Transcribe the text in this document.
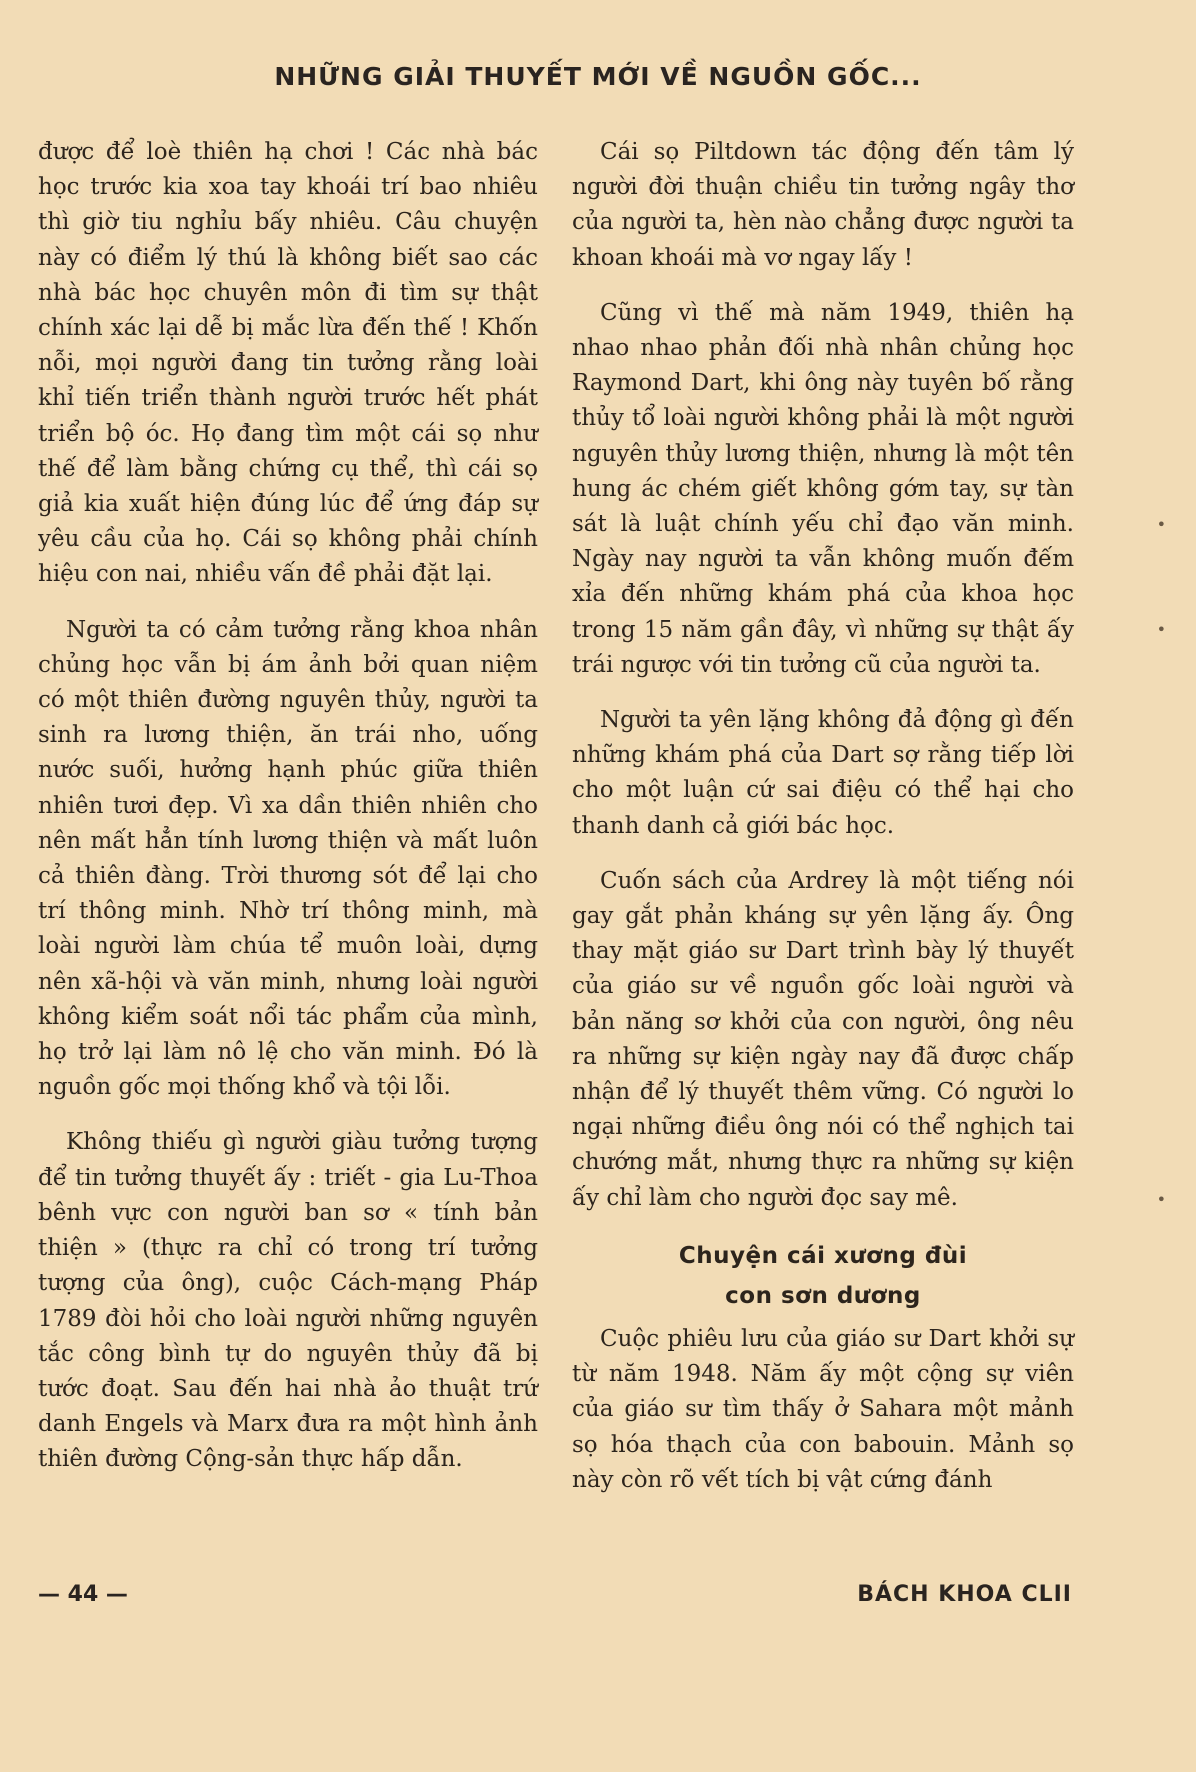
NHỮNG GIẢI THUYẾT MỚI VỀ NGUỒN GỐC...

được để loè thiên hạ chơi ! Các nhà bác học trước kia xoa tay khoái trí bao nhiêu thì giờ tiu nghỉu bấy nhiêu. Câu chuyện này có điểm lý thú là không biết sao các nhà bác học chuyên môn đi tìm sự thật chính xác lại dễ bị mắc lừa đến thế ! Khốn nỗi, mọi người đang tin tưởng rằng loài khỉ tiến triển thành người trước hết phát triển bộ óc. Họ đang tìm một cái sọ như thế để làm bằng chứng cụ thể, thì cái sọ giả kia xuất hiện đúng lúc để ứng đáp sự yêu cầu của họ. Cái sọ không phải chính hiệu con nai, nhiều vấn đề phải đặt lại.

Người ta có cảm tưởng rằng khoa nhân chủng học vẫn bị ám ảnh bởi quan niệm có một thiên đường nguyên thủy, người ta sinh ra lương thiện, ăn trái nho, uống nước suối, hưởng hạnh phúc giữa thiên nhiên tươi đẹp. Vì xa dần thiên nhiên cho nên mất hẳn tính lương thiện và mất luôn cả thiên đàng. Trời thương sót để lại cho trí thông minh. Nhờ trí thông minh, mà loài người làm chúa tể muôn loài, dựng nên xã-hội và văn minh, nhưng loài người không kiểm soát nổi tác phẩm của mình, họ trở lại làm nô lệ cho văn minh. Đó là nguồn gốc mọi thống khổ và tội lỗi.

Không thiếu gì người giàu tưởng tượng để tin tưởng thuyết ấy : triết - gia Lu-Thoa bênh vực con người ban sơ « tính bản thiện » (thực ra chỉ có trong trí tưởng tượng của ông), cuộc Cách-mạng Pháp 1789 đòi hỏi cho loài người những nguyên tắc công bình tự do nguyên thủy đã bị tước đoạt. Sau đến hai nhà ảo thuật trứ danh Engels và Marx đưa ra một hình ảnh thiên đường Cộng-sản thực hấp dẫn.

Cái sọ Piltdown tác động đến tâm lý người đời thuận chiều tin tưởng ngây thơ của người ta, hèn nào chẳng được người ta khoan khoái mà vơ ngay lấy !

Cũng vì thế mà năm 1949, thiên hạ nhao nhao phản đối nhà nhân chủng học Raymond Dart, khi ông này tuyên bố rằng thủy tổ loài người không phải là một người nguyên thủy lương thiện, nhưng là một tên hung ác chém giết không gớm tay, sự tàn sát là luật chính yếu chỉ đạo văn minh. Ngày nay người ta vẫn không muốn đếm xỉa đến những khám phá của khoa học trong 15 năm gần đây, vì những sự thật ấy trái ngược với tin tưởng cũ của người ta.

Người ta yên lặng không đả động gì đến những khám phá của Dart sợ rằng tiếp lời cho một luận cứ sai điệu có thể hại cho thanh danh cả giới bác học.

Cuốn sách của Ardrey là một tiếng nói gay gắt phản kháng sự yên lặng ấy. Ông thay mặt giáo sư Dart trình bày lý thuyết của giáo sư về nguồn gốc loài người và bản năng sơ khởi của con người, ông nêu ra những sự kiện ngày nay đã được chấp nhận để lý thuyết thêm vững. Có người lo ngại những điều ông nói có thể nghịch tai chướng mắt, nhưng thực ra những sự kiện ấy chỉ làm cho người đọc say mê.

Chuyện cái xương đùi
con sơn dương

Cuộc phiêu lưu của giáo sư Dart khởi sự từ năm 1948. Năm ấy một cộng sự viên của giáo sư tìm thấy ở Sahara một mảnh sọ hóa thạch của con babouin. Mảnh sọ này còn rõ vết tích bị vật cứng đánh

— 44 —	BÁCH KHOA CLII
•
•
•
